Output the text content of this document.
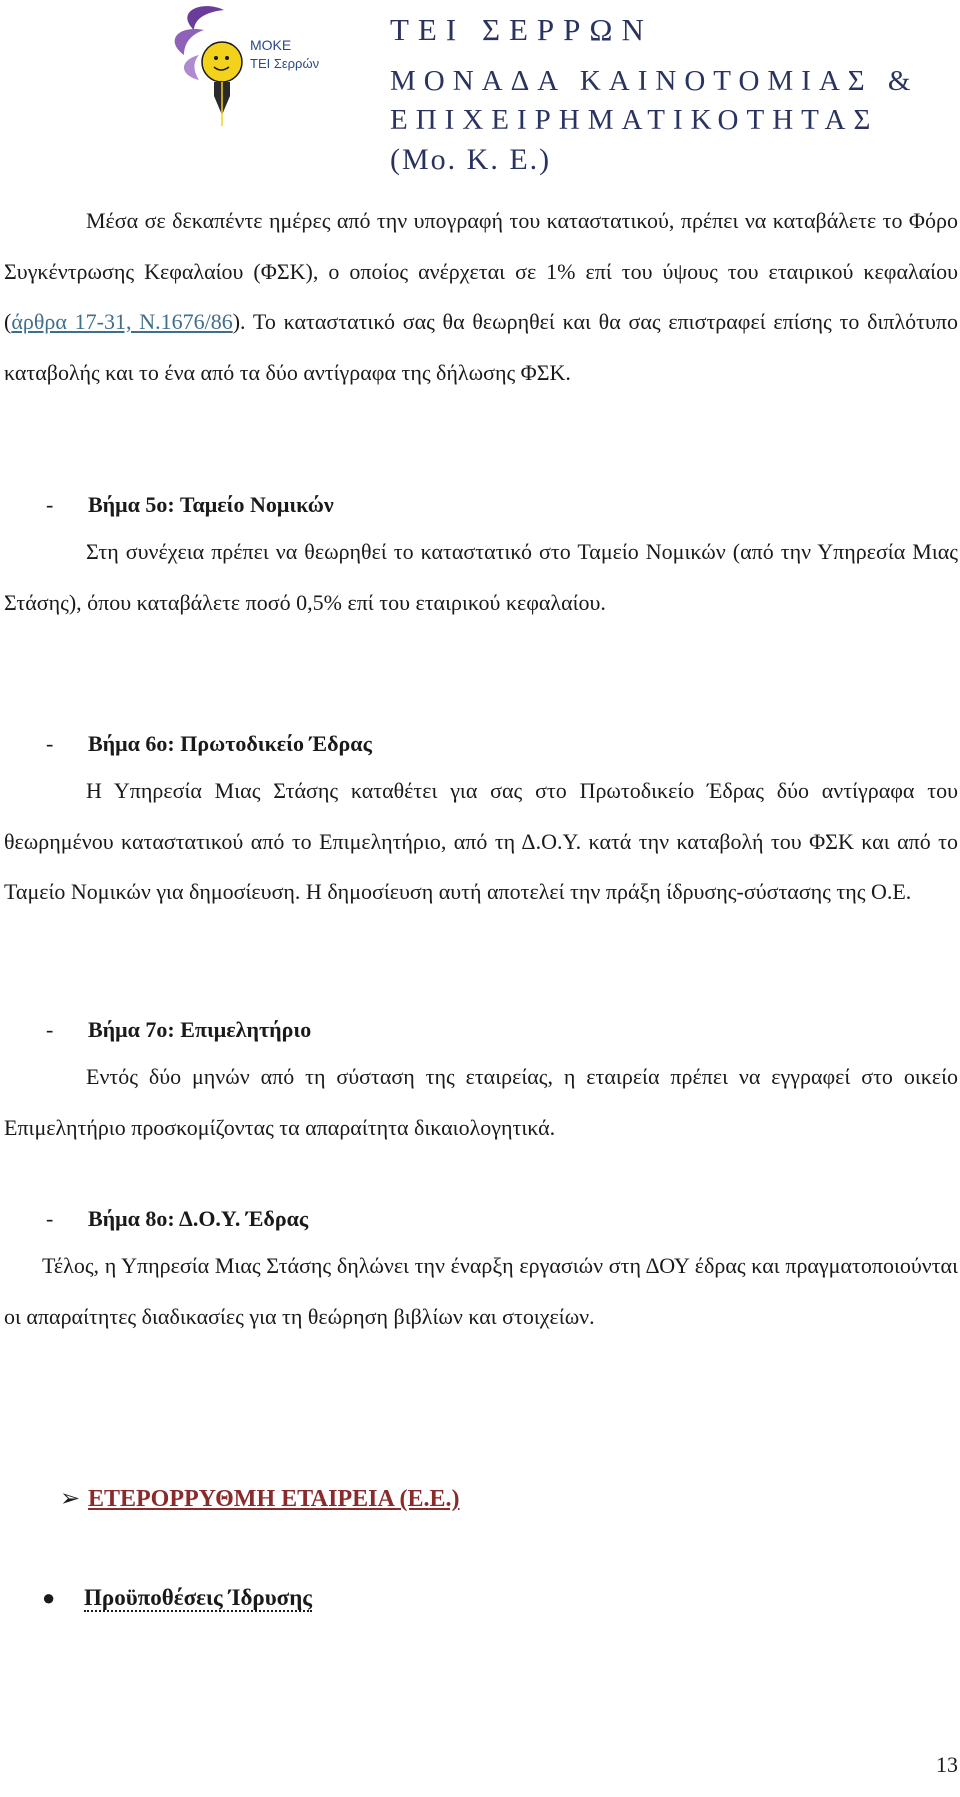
ΜΟΚΕ
ΤΕΙ Σερρών
ΤΕΙ ΣΕΡΡΩΝ
ΜΟΝΑΔΑ ΚΑΙΝΟΤΟΜΙΑΣ &
ΕΠΙΧΕΙΡΗΜΑΤΙΚΟΤΗΤΑΣ
(Μο. Κ. Ε.)
Μέσα σε δεκαπέντε ημέρες από την υπογραφή του καταστατικού, πρέπει να καταβάλετε το Φόρο Συγκέντρωσης Κεφαλαίου (ΦΣΚ), ο οποίος ανέρχεται σε 1% επί του ύψους του εταιρικού κεφαλαίου (άρθρα 17-31, Ν.1676/86). Το καταστατικό σας θα θεωρηθεί και θα σας επιστραφεί επίσης το διπλότυπο καταβολής και το ένα από τα δύο αντίγραφα της δήλωσης ΦΣΚ.
- Βήμα 5ο: Ταμείο Νομικών
Στη συνέχεια πρέπει να θεωρηθεί το καταστατικό στο Ταμείο Νομικών (από την Υπηρεσία Μιας Στάσης), όπου καταβάλετε ποσό 0,5% επί του εταιρικού κεφαλαίου.
- Βήμα 6ο: Πρωτοδικείο Έδρας
Η Υπηρεσία Μιας Στάσης καταθέτει για σας στο Πρωτοδικείο Έδρας δύο αντίγραφα του θεωρημένου καταστατικού από το Επιμελητήριο, από τη Δ.Ο.Υ. κατά την καταβολή του ΦΣΚ και από το Ταμείο Νομικών για δημοσίευση. Η δημοσίευση αυτή αποτελεί την πράξη ίδρυσης-σύστασης της Ο.Ε.
- Βήμα 7ο: Επιμελητήριο
Εντός δύο μηνών από τη σύσταση της εταιρείας, η εταιρεία πρέπει να εγγραφεί στο οικείο Επιμελητήριο προσκομίζοντας τα απαραίτητα δικαιολογητικά.
- Βήμα 8ο: Δ.Ο.Υ. Έδρας
Τέλος, η Υπηρεσία Μιας Στάσης δηλώνει την έναρξη εργασιών στη ΔΟΥ έδρας και πραγματοποιούνται οι απαραίτητες διαδικασίες για τη θεώρηση βιβλίων και στοιχείων.
➢ ΕΤΕΡΟΡΡΥΘΜΗ ΕΤΑΙΡΕΙΑ (Ε.Ε.)
● Προϋποθέσεις Ίδρυσης
13
